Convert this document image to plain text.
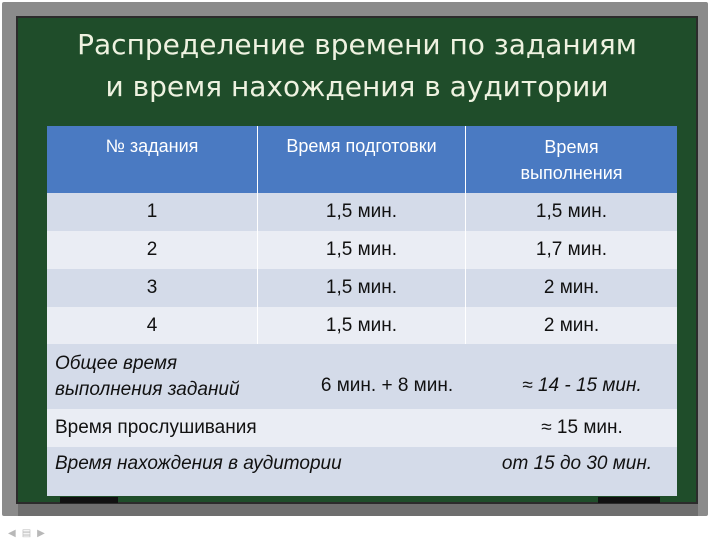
Распределение времени по заданиям
и время нахождения в аудитории
№ задания	Время подготовки	Время выполнения
1	1,5 мин.	1,5 мин.
2	1,5 мин.	1,7 мин.
3	1,5 мин.	2 мин.
4	1,5 мин.	2 мин.
Общее время
выполнения заданий	6 мин. + 8 мин.	≈ 14 - 15 мин.
Время прослушивания	≈ 15 мин.
Время нахождения в аудитории	от 15 до 30 мин.
◀▤▶
